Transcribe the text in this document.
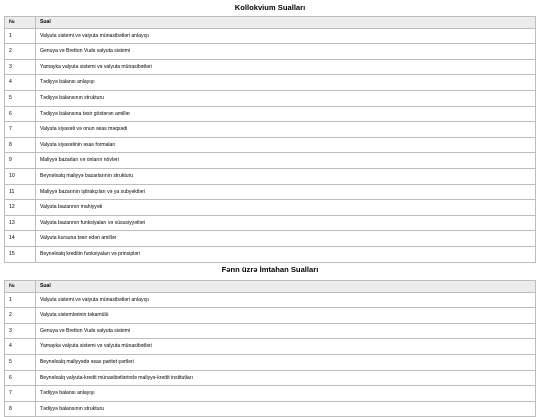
Kollokvium Sualları
№	Sual
1	Valyuta sistemi və valyuta münasibətləri anlayışı
2	Genuya və Bretton Vuds valyuta sistemi
3	Yamayka valyuta sistemi və valyuta münasibətləri
4	Tədiyyə balansı anlayışı
5	Tədiyyə balansının strukturu
6	Tədiyyə balansına təsir göstərən amillər
7	Valyuta siyasəti və onun əsas məqsədi
8	Valyuta siyasətinin əsas formaları
9	Maliyyə bazarları və onların növləri
10	Beynəlxalq maliyyə bazarlarının strukturu
11	Maliyyə bazarının iştirakçıları və ya subyektləri
12	Valyuta bazarının mahiyyəti
13	Valyuta bazarının funksiyaları və xüsusiyyətləri
14	Valyuta kursuna təsir edən amillər
15	Beynəlxalq kreditin funksiyaları və prinsipləri
Fənn üzrə İmtahan Sualları
№	Sual
1	Valyuta sistemi və valyuta münasibətləri anlayışı
2	Valyuta sistemlərinin təkamülü
3	Genuya və Bretton Vuds valyuta sistemi
4	Yamayka valyuta sistemi və valyuta münasibətləri
5	Beynəlxalq maliyyədə əsas paritet şərtləri
6	Beynəlxalq valyuta-kredit münasibətlərində maliyyə-kredit institutları
7	Tədiyyə balansı anlayışı
8	Tədiyyə balansının strukturu
